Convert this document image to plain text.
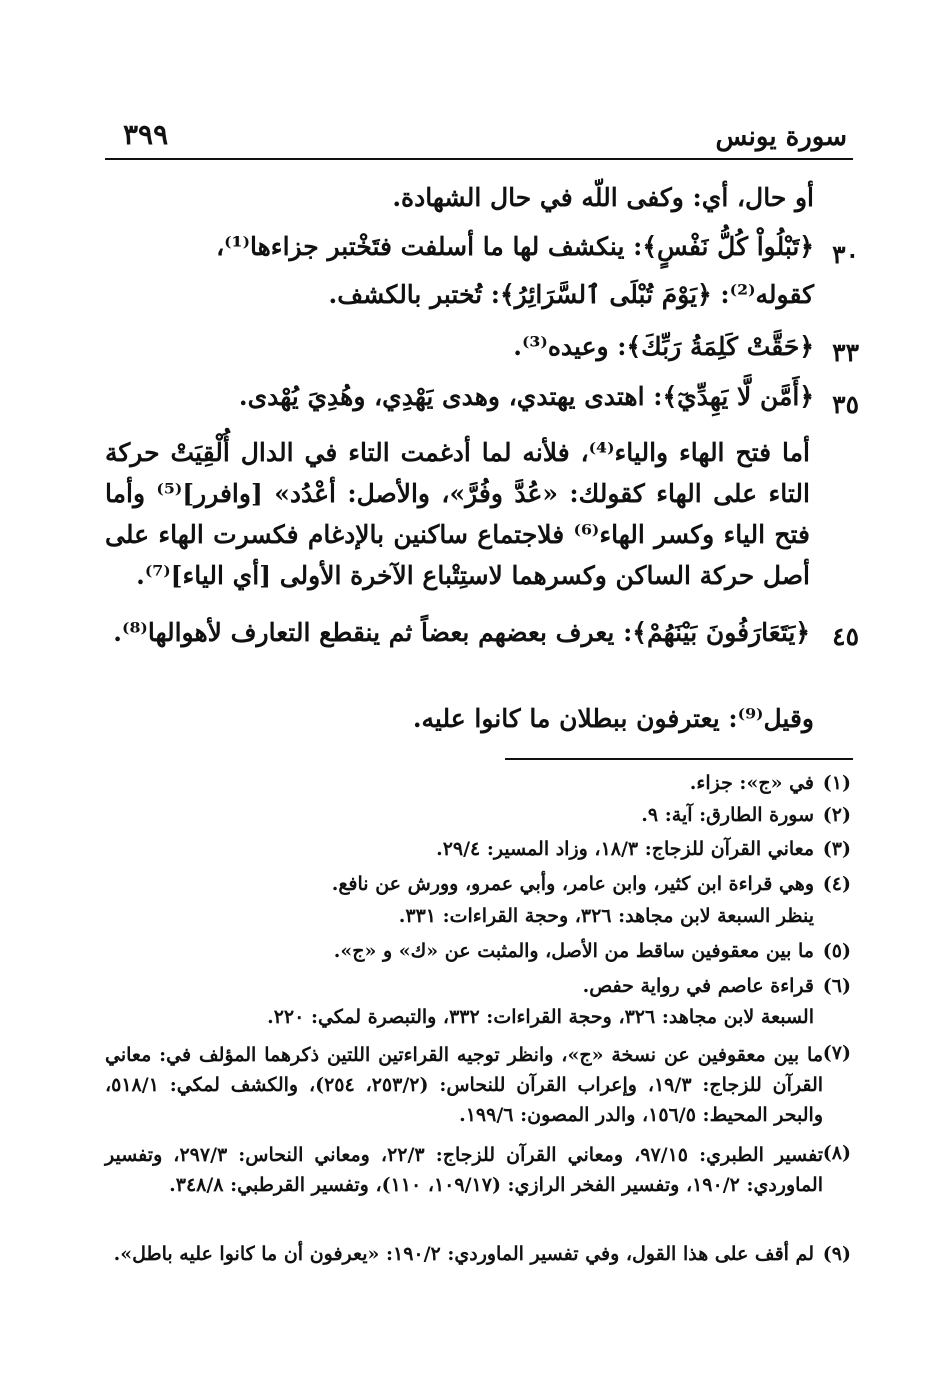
سورة يونس
٣٩٩
أو حال، أي: وكفى اللّه في حال الشهادة.
٣٠
﴿تَبْلُواْ كُلُّ نَفْسٍ﴾: ينكشف لها ما أسلفت فتَخْتبر جزاءها⁽¹⁾،
كقوله⁽²⁾: ﴿يَوْمَ تُبْلَى ٱلسَّرَائِرُ﴾: تُختبر بالكشف.
٣٣
﴿حَقَّتْ كَلِمَةُ رَبِّكَ﴾: وعيده⁽³⁾.
٣٥
﴿أَمَّن لَّا يَهِدِّيٓ﴾: اهتدى يهتدي، وهدى يَهْدِي، وهُدِيَ يُهْدى.
أما فتح الهاء والياء⁽⁴⁾، فلأنه لما أدغمت التاء في الدال أُلْقِيَتْ حركة التاء على الهاء كقولك: «عُدَّ وفُرَّ»، والأصل: أعْدُد» [وافرر]⁽⁵⁾ وأما فتح الياء وكسر الهاء⁽⁶⁾ فلاجتماع ساكنين بالإدغام فكسرت الهاء على أصل حركة الساكن وكسرهما لاستِتْباع الآخرة الأولى [أي الياء]⁽⁷⁾.
٤٥
﴿يَتَعَارَفُونَ بَيْنَهُمْ﴾: يعرف بعضهم بعضاً ثم ينقطع التعارف لأهوالها⁽⁸⁾.
وقيل⁽⁹⁾: يعترفون ببطلان ما كانوا عليه.
(١)
في «ج»: جزاء.
(٢)
سورة الطارق: آية: ٩.
(٣)
معاني القرآن للزجاج: ١٨/٣، وزاد المسير: ٢٩/٤.
(٤)
وهي قراءة ابن كثير، وابن عامر، وأبي عمرو، وورش عن نافع.
ينظر السبعة لابن مجاهد: ٣٢٦، وحجة القراءات: ٣٣١.
(٥)
ما بين معقوفين ساقط من الأصل، والمثبت عن «ك» و «ج».
(٦)
قراءة عاصم في رواية حفص.
السبعة لابن مجاهد: ٣٢٦، وحجة القراءات: ٣٣٢، والتبصرة لمكي: ٢٢٠.
(٧)
ما بين معقوفين عن نسخة «ج»، وانظر توجيه القراءتين اللتين ذكرهما المؤلف في: معاني القرآن للزجاج: ١٩/٣، وإعراب القرآن للنحاس: (٢٥٣/٢، ٢٥٤)، والكشف لمكي: ٥١٨/١، والبحر المحيط: ١٥٦/٥، والدر المصون: ١٩٩/٦.
(٨)
تفسير الطبري: ٩٧/١٥، ومعاني القرآن للزجاج: ٢٢/٣، ومعاني النحاس: ٢٩٧/٣، وتفسير الماوردي: ١٩٠/٢، وتفسير الفخر الرازي: (١٠٩/١٧، ١١٠)، وتفسير القرطبي: ٣٤٨/٨.
(٩)
لم أقف على هذا القول، وفي تفسير الماوردي: ١٩٠/٢: «يعرفون أن ما كانوا عليه باطل».
